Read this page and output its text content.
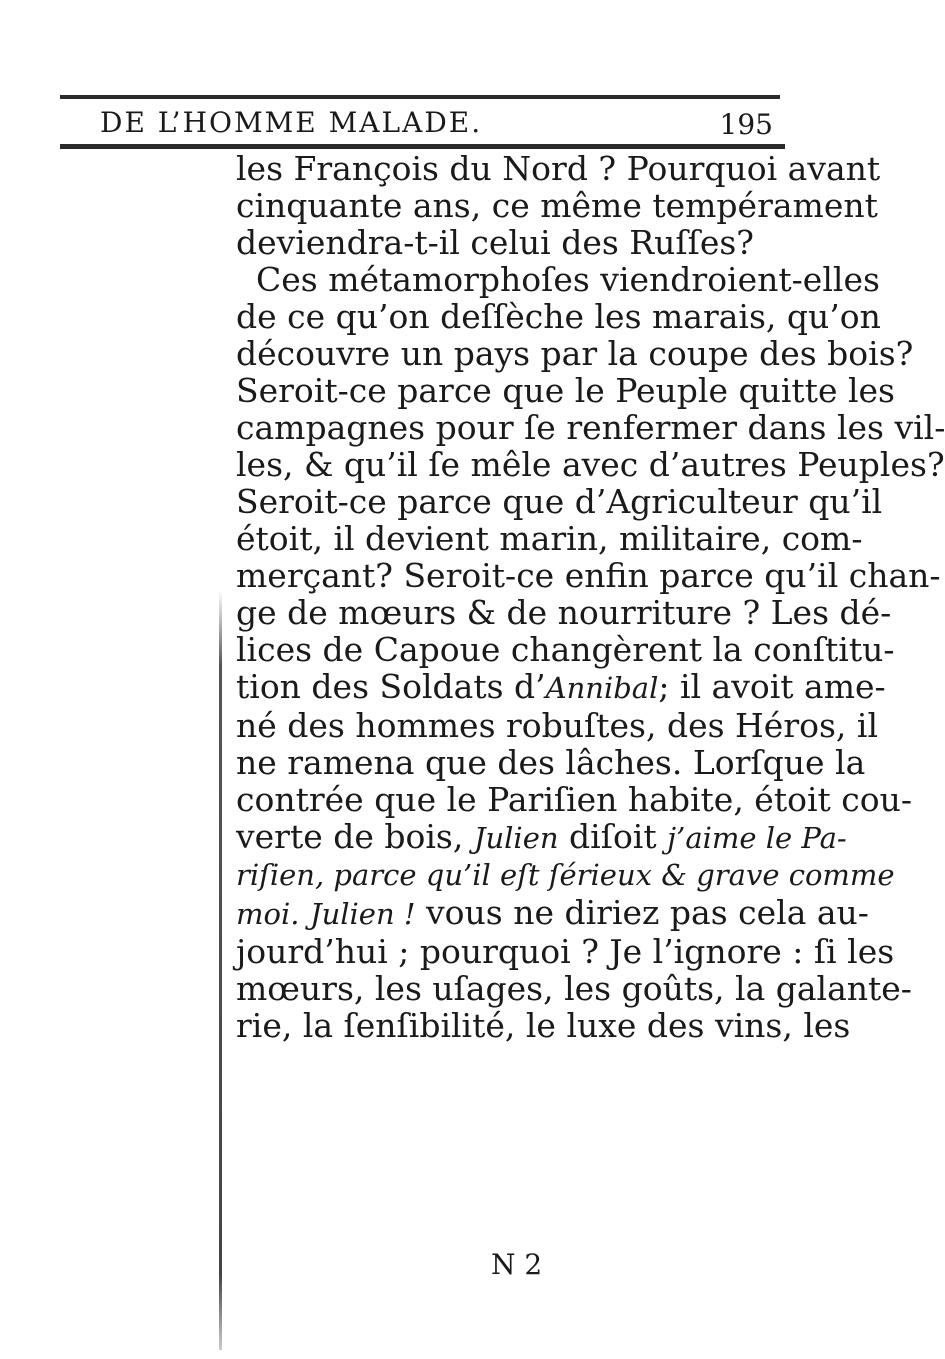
DE L’HOMME MALADE.	195
les François du Nord ? Pourquoi avant
cinquante ans, ce même tempérament
deviendra-t-il celui des Ruſſes?
Ces métamorphoſes viendroient-elles
de ce qu’on deſſèche les marais, qu’on
découvre un pays par la coupe des bois?
Seroit-ce parce que le Peuple quitte les
campagnes pour ſe renfermer dans les vil-
les, & qu’il ſe mêle avec d’autres Peuples?
Seroit-ce parce que d’Agriculteur qu’il
étoit, il devient marin, militaire, com-
merçant? Seroit-ce enfin parce qu’il chan-
ge de mœurs & de nourriture ? Les dé-
lices de Capoue changèrent la conſtitu-
tion des Soldats d’Annibal; il avoit ame-
né des hommes robuſtes, des Héros, il
ne ramena que des lâches. Lorſque la
contrée que le Pariſien habite, étoit cou-
verte de bois, Julien diſoit j’aime le Pa-
riſien, parce qu’il eſt ſérieux & grave comme
moi. Julien ! vous ne diriez pas cela au-
jourd’hui ; pourquoi ? Je l’ignore : ſi les
mœurs, les uſages, les goûts, la galante-
rie, la ſenſibilité, le luxe des vins, les
N 2
